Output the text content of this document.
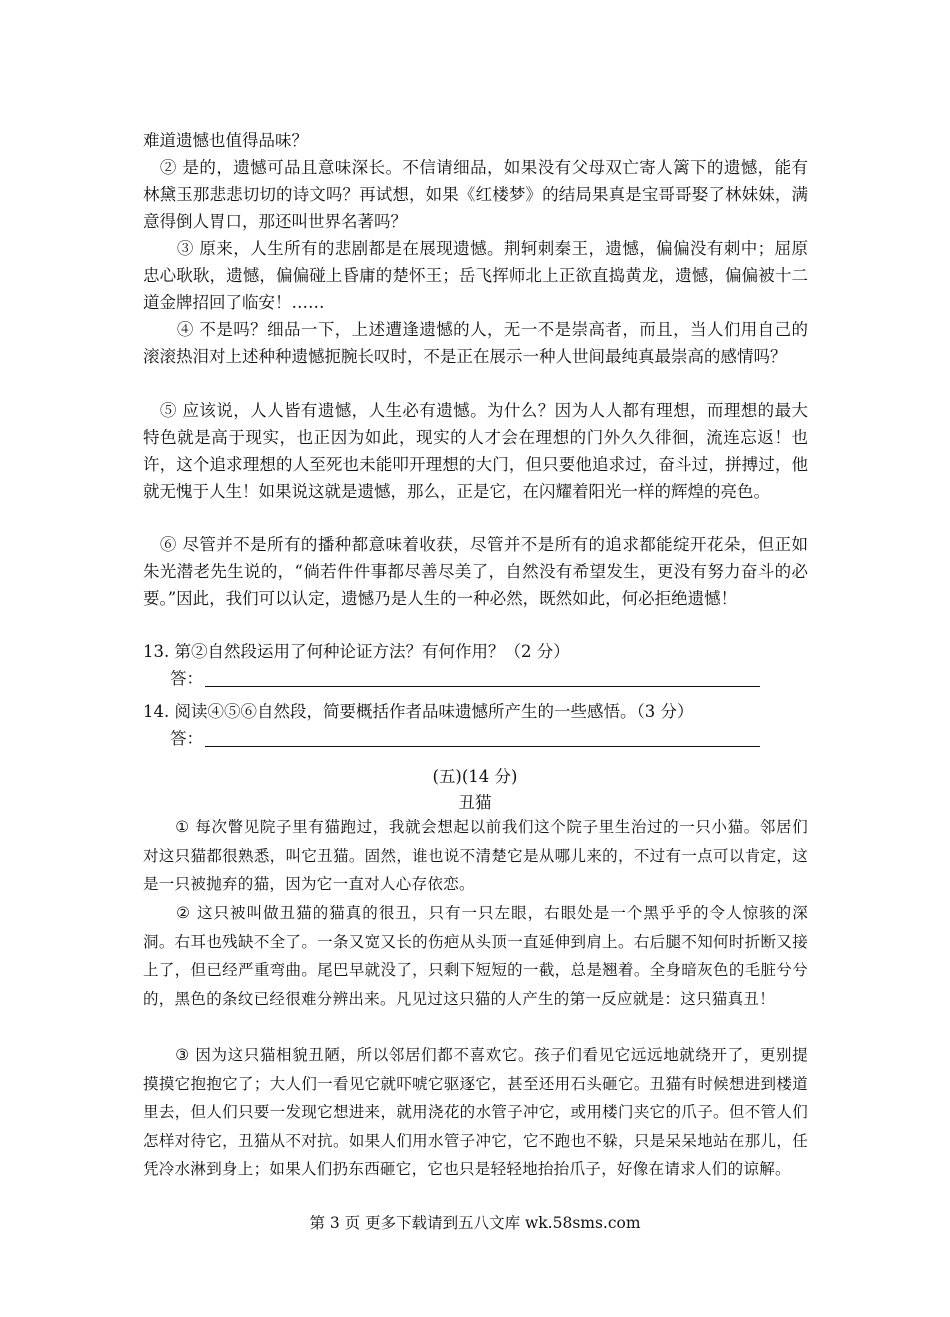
难道遗憾也值得品味？

　② 是的，遗憾可品且意味深长。不信请细品，如果没有父母双亡寄人篱下的遗憾，能有林黛玉那悲悲切切的诗文吗？再试想，如果《红楼梦》的结局果真是宝哥哥娶了林妹妹，满意得倒人胃口，那还叫世界名著吗？

　　③ 原来，人生所有的悲剧都是在展现遗憾。荆轲刺秦王，遗憾，偏偏没有刺中；屈原忠心耿耿，遗憾，偏偏碰上昏庸的楚怀王；岳飞挥师北上正欲直捣黄龙，遗憾，偏偏被十二道金牌招回了临安！……

　　④ 不是吗？细品一下，上述遭逢遗憾的人，无一不是崇高者，而且，当人们用自己的滚滚热泪对上述种种遗憾扼腕长叹时，不是正在展示一种人世间最纯真最崇高的感情吗？

　⑤ 应该说，人人皆有遗憾，人生必有遗憾。为什么？因为人人都有理想，而理想的最大特色就是高于现实，也正因为如此，现实的人才会在理想的门外久久徘徊，流连忘返！也许，这个追求理想的人至死也未能叩开理想的大门，但只要他追求过，奋斗过，拼搏过，他就无愧于人生！如果说这就是遗憾，那么，正是它，在闪耀着阳光一样的辉煌的亮色。

　⑥ 尽管并不是所有的播种都意味着收获，尽管并不是所有的追求都能绽开花朵，但正如朱光潜老先生说的，“倘若件件事都尽善尽美了，自然没有希望发生，更没有努力奋斗的必要。”因此，我们可以认定，遗憾乃是人生的一种必然，既然如此，何必拒绝遗憾！

13. 第②自然段运用了何种论证方法？有何作用？（2 分）

答：

14. 阅读④⑤⑥自然段，简要概括作者品味遗憾所产生的一些感悟。（3 分）

答：
(五)(14 分)
丑猫

　　① 每次瞥见院子里有猫跑过，我就会想起以前我们这个院子里生治过的一只小猫。邻居们对这只猫都很熟悉，叫它丑猫。固然，谁也说不清楚它是从哪儿来的，不过有一点可以肯定，这是一只被抛弃的猫，因为它一直对人心存依恋。

　　② 这只被叫做丑猫的猫真的很丑，只有一只左眼，右眼处是一个黑乎乎的令人惊骇的深洞。右耳也残缺不全了。一条又宽又长的伤疤从头顶一直延伸到肩上。右后腿不知何时折断又接上了，但已经严重弯曲。尾巴早就没了，只剩下短短的一截，总是翘着。全身暗灰色的毛脏兮兮的，黑色的条纹已经很难分辨出来。凡见过这只猫的人产生的第一反应就是：这只猫真丑！

　　③ 因为这只猫相貌丑陋，所以邻居们都不喜欢它。孩子们看见它远远地就绕开了，更别提摸摸它抱抱它了；大人们一看见它就吓唬它驱逐它，甚至还用石头砸它。丑猫有时候想进到楼道里去，但人们只要一发现它想进来，就用浇花的水管子冲它，或用楼门夹它的爪子。但不管人们怎样对待它，丑猫从不对抗。如果人们用水管子冲它，它不跑也不躲，只是呆呆地站在那儿，任凭冷水淋到身上；如果人们扔东西砸它，它也只是轻轻地抬抬爪子，好像在请求人们的谅解。

第 3 页 更多下载请到五八文库 wk.58sms.com
